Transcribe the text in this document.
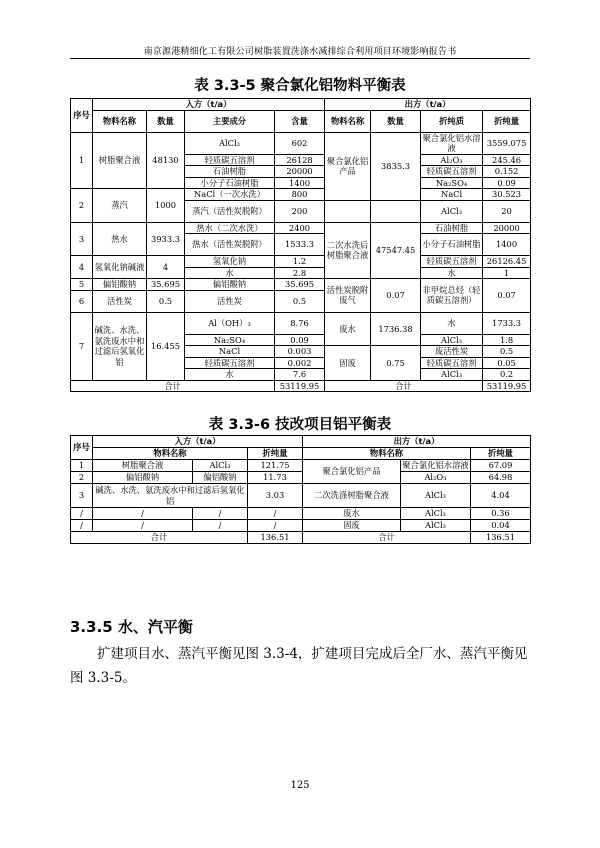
南京源港精细化工有限公司树脂装置洗涤水减排综合利用项目环境影响报告书
表 3.3-5 聚合氯化铝物料平衡表
序号	入方（t/a）				出方（t/a）			
	物料名称	数量	主要成分	含量	物料名称	数量	折纯质	折纯量
1	树脂聚合液	48130	AlCl₃	602	聚合氯化铝产品	3835.3	聚合氯化铝水溶液	3559.075
			轻质碳五溶剂	26128			Al₂O₃	245.46
			石油树脂	20000			轻质碳五溶剂	0.152
			小分子石油树脂	1400			Na₂SO₄	0.09
2	蒸汽	1000	NaCl（一次水洗）	800			NaCl	30.523
			蒸汽（活性炭脱附）	200			AlCl₃	20
3	热水	3933.3	热水（二次水洗）	2400	二次水洗后树脂聚合液	47547.45	石油树脂	20000
			热水（活性炭脱附）	1533.3			小分子石油树脂	1400
4	氢氧化钠碱液	4	氢氧化钠	1.2			轻质碳五溶剂	26126.45
			水	2.8			水	1
5	偏铝酸钠	35.695	偏铝酸钠	35.695	活性炭脱附废气	0.07	非甲烷总烃（轻质碳五溶剂）	0.07
6	活性炭	0.5	活性炭	0.5				
7	碱洗、水洗、氨洗废水中和过滤后氢氧化铝	16.455	Al（OH）₃	8.76	废水	1736.38	水	1733.3
			Na₂SO₄	0.09			AlCl₃	1.8
			NaCl	0.003	固废	0.75	废活性炭	0.5
			轻质碳五溶剂	0.002			轻质碳五溶剂	0.05
			水	7.6			AlCl₃	0.2
合计				53119.95	合计			53119.95
表 3.3-6 技改项目铝平衡表
序号	入方（t/a）			出方（t/a）		
	物料名称		折纯量	物料名称		折纯量
1	树脂聚合液	AlCl₃	121.75	聚合氯化铝产品	聚合氯化铝水溶液	67.09
2	偏铝酸钠	偏铝酸钠	11.73		Al₂O₃	64.98
3	碱洗、水洗、氨洗废水中和过滤后氢氧化铝		3.03	二次洗涤树脂聚合液	AlCl₃	4.04
/	/	/	/	废水	AlCl₃	0.36
/	/	/	/	固废	AlCl₃	0.04
合计			136.51	合计		136.51
3.3.5 水、汽平衡
扩建项目水、蒸汽平衡见图 3.3-4，扩建项目完成后全厂水、蒸汽平衡见图 3.3-5。
125
